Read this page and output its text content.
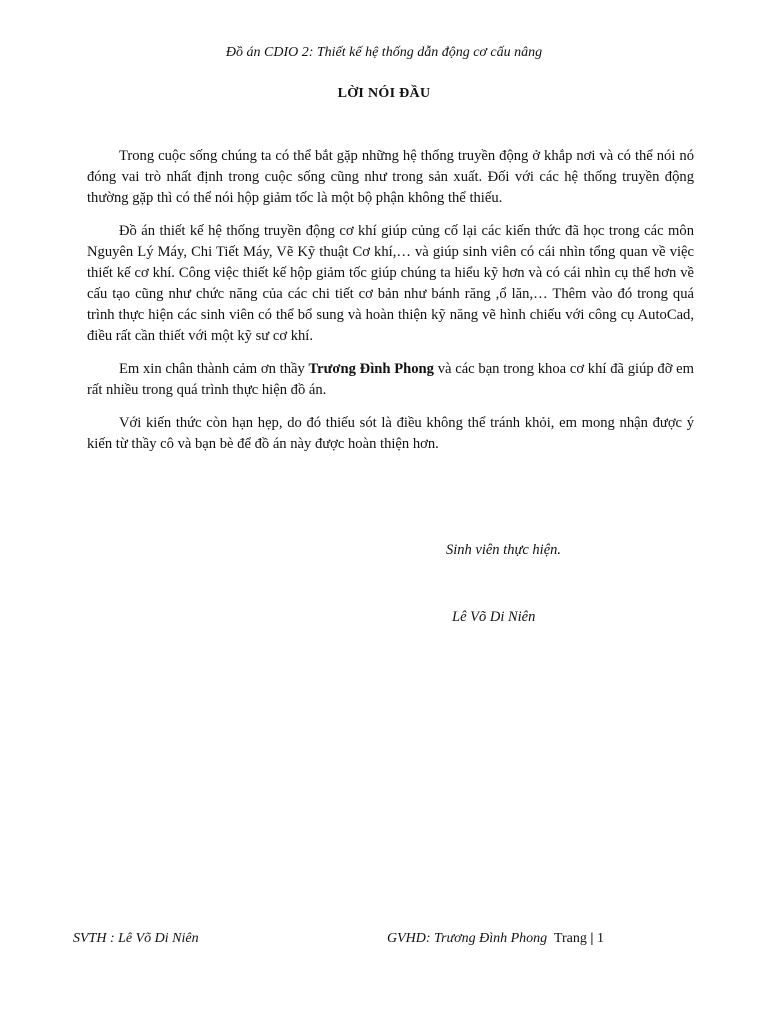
Đồ án CDIO 2: Thiết kế hệ thống dẫn động cơ cấu nâng
LỜI NÓI ĐẦU

Trong cuộc sống chúng ta có thể bắt gặp những hệ thống truyền động ở khắp nơi và có thể nói nó đóng vai trò nhất định trong cuộc sống cũng như trong sản xuất. Đối với các hệ thống truyền động thường gặp thì có thể nói hộp giảm tốc là một bộ phận không thể thiếu.

Đồ án thiết kế hệ thống truyền động cơ khí giúp củng cố lại các kiến thức đã học trong các môn Nguyên Lý Máy, Chi Tiết Máy, Vẽ Kỹ thuật Cơ khí,… và giúp sinh viên có cái nhìn tổng quan về việc thiết kế cơ khí. Công việc thiết kế hộp giảm tốc giúp chúng ta hiểu kỹ hơn và có cái nhìn cụ thể hơn về cấu tạo cũng như chức năng của các chi tiết cơ bản như bánh răng ,ổ lăn,… Thêm vào đó trong quá trình thực hiện các sinh viên có thể bổ sung và hoàn thiện kỹ năng vẽ hình chiếu với công cụ AutoCad, điều rất cần thiết với một kỹ sư cơ khí.

Em xin chân thành cảm ơn thầy Trương Đình Phong và các bạn trong khoa cơ khí đã giúp đỡ em rất nhiều trong quá trình thực hiện đồ án.

Với kiến thức còn hạn hẹp, do đó thiếu sót là điều không thể tránh khỏi, em mong nhận được ý kiến từ thầy cô và bạn bè để đồ án này được hoàn thiện hơn.

Sinh viên thực hiện.
Lê Võ Di Niên
SVTH : Lê Võ Di Niên	GVHD: Trương Đình Phong Trang | 1
